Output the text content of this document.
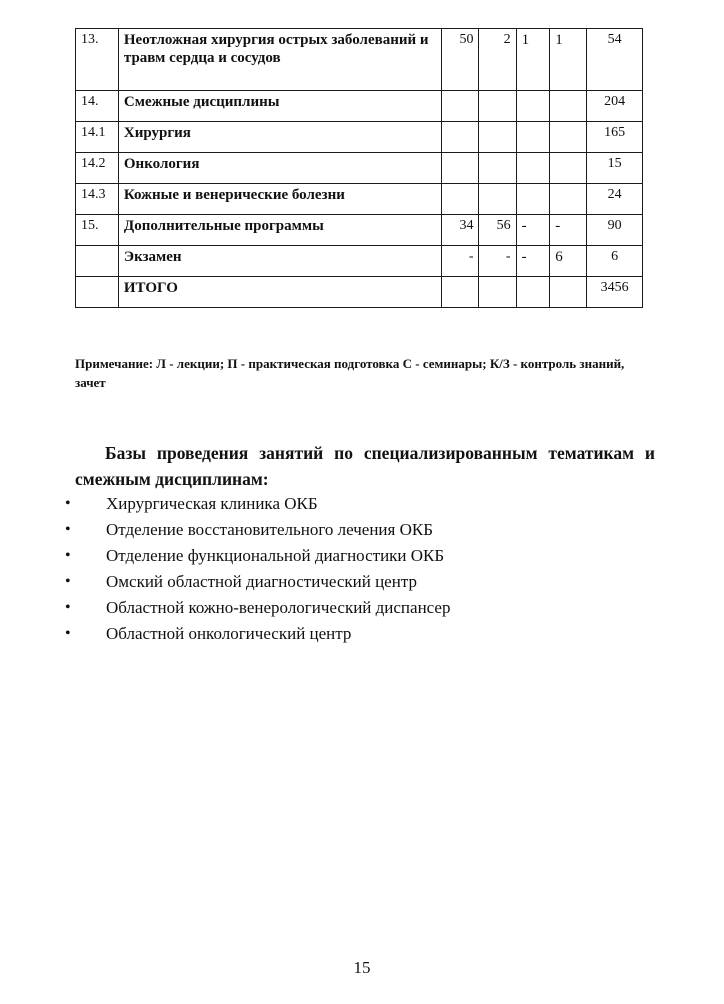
13.	Неотложная хирургия острых заболеваний и травм сердца и сосудов	50	2	1	1	54
14.	Смежные дисциплины					204
14.1	Хирургия					165
14.2	Онкология					15
14.3	Кожные и венерические болезни					24
15.	Дополнительные программы	34	56	-	-	90
	Экзамен	-	-	-	6	6
	ИТОГО					3456

Примечание: Л - лекции; П - практическая подготовка С - семинары; К/З - контроль знаний, зачет

Базы проведения занятий по специализированным тематикам и смежным дисциплинам:

•	Хирургическая клиника ОКБ
•	Отделение восстановительного лечения ОКБ
•	Отделение функциональной диагностики ОКБ
•	Омский областной диагностический центр
•	Областной кожно-венерологический диспансер
•	Областной онкологический центр

15
